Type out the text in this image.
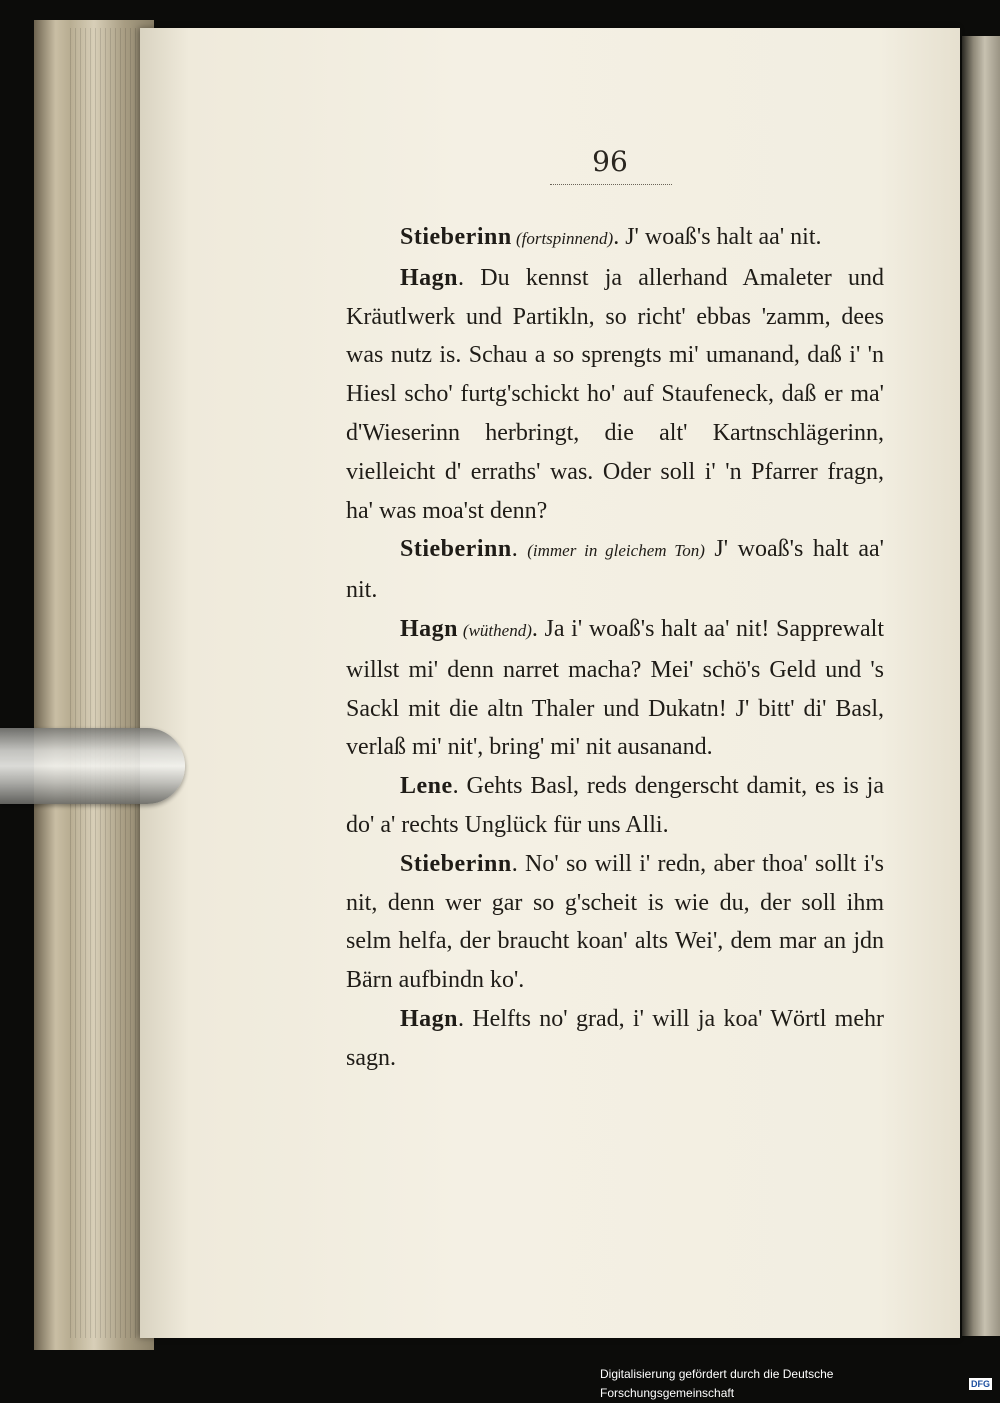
96

Stieberinn (fortspinnend). J' woaß's halt aa' nit.

Hagn. Du kennst ja allerhand Amaleter und Kräutlwerk und Partikln, so richt' ebbas 'zamm, dees was nutz is. Schau a so sprengts mi' umanand, daß i' 'n Hiesl scho' furtg'schickt ho' auf Staufeneck, daß er ma' d'Wieserinn herbringt, die alt' Kartnschlägerinn, vielleicht d' erraths' was. Oder soll i' 'n Pfarrer fragn, ha' was moa'st denn?

Stieberinn. (immer in gleichem Ton) J' woaß's halt aa' nit.

Hagn (wüthend). Ja i' woaß's halt aa' nit! Sapprewalt willst mi' denn narret macha? Mei' schö's Geld und 's Sackl mit die altn Thaler und Dukatn! J' bitt' di' Basl, verlaß mi' nit', bring' mi' nit ausanand.

Lene. Gehts Basl, reds dengerscht damit, es is ja do' a' rechts Unglück für uns Alli.

Stieberinn. No' so will i' redn, aber thoa' sollt i's nit, denn wer gar so g'scheit is wie du, der soll ihm selm helfa, der braucht koan' alts Wei', dem mar an jdn Bärn aufbindn ko'.

Hagn. Helfts no' grad, i' will ja koa' Wörtl mehr sagn.

Digitalisierung gefördert durch die Deutsche Forschungsgemeinschaft
DFG
